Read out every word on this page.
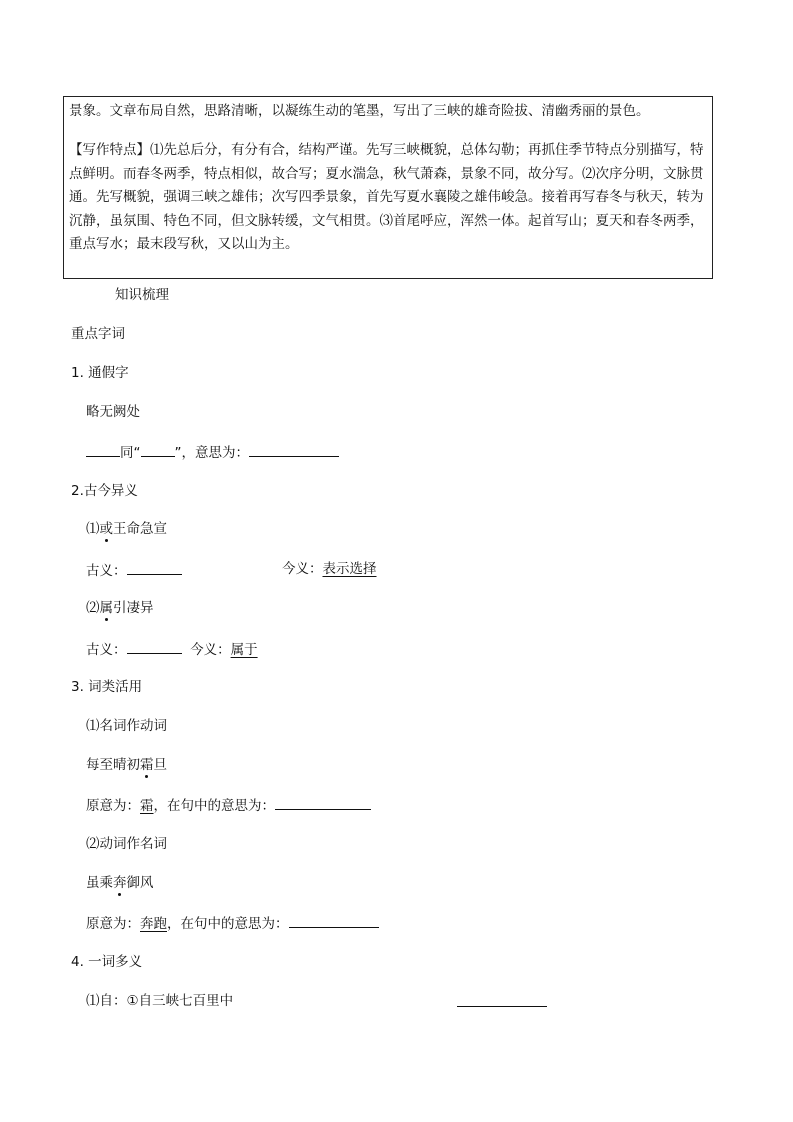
景象。文章布局自然，思路清晰，以凝练生动的笔墨，写出了三峡的雄奇险拔、清幽秀丽的景色。

【写作特点】⑴先总后分，有分有合，结构严谨。先写三峡概貌，总体勾勒；再抓住季节特点分别描写，特点鲜明。而春冬两季，特点相似，故合写；夏水湍急，秋气萧森，景象不同，故分写。⑵次序分明，文脉贯通。先写概貌，强调三峡之雄伟；次写四季景象，首先写夏水襄陵之雄伟峻急。接着再写春冬与秋天，转为沉静，虽氛围、特色不同，但文脉转缓，文气相贯。⑶首尾呼应，浑然一体。起首写山；夏天和春冬两季，重点写水；最末段写秋，又以山为主。

知识梳理
重点字词
1. 通假字
略无阙处
同“	”，意思为：
2.古今异义
⑴或王命急宣
古义：	今义：表示选择
⑵属引凄异
古义：	今义：属于
3. 词类活用
⑴名词作动词
每至晴初霜旦
原意为：霜，在句中的意思为：
⑵动词作名词
虽乘奔御风
原意为：奔跑，在句中的意思为：
4. 一词多义
⑴自：①自三峡七百里中
